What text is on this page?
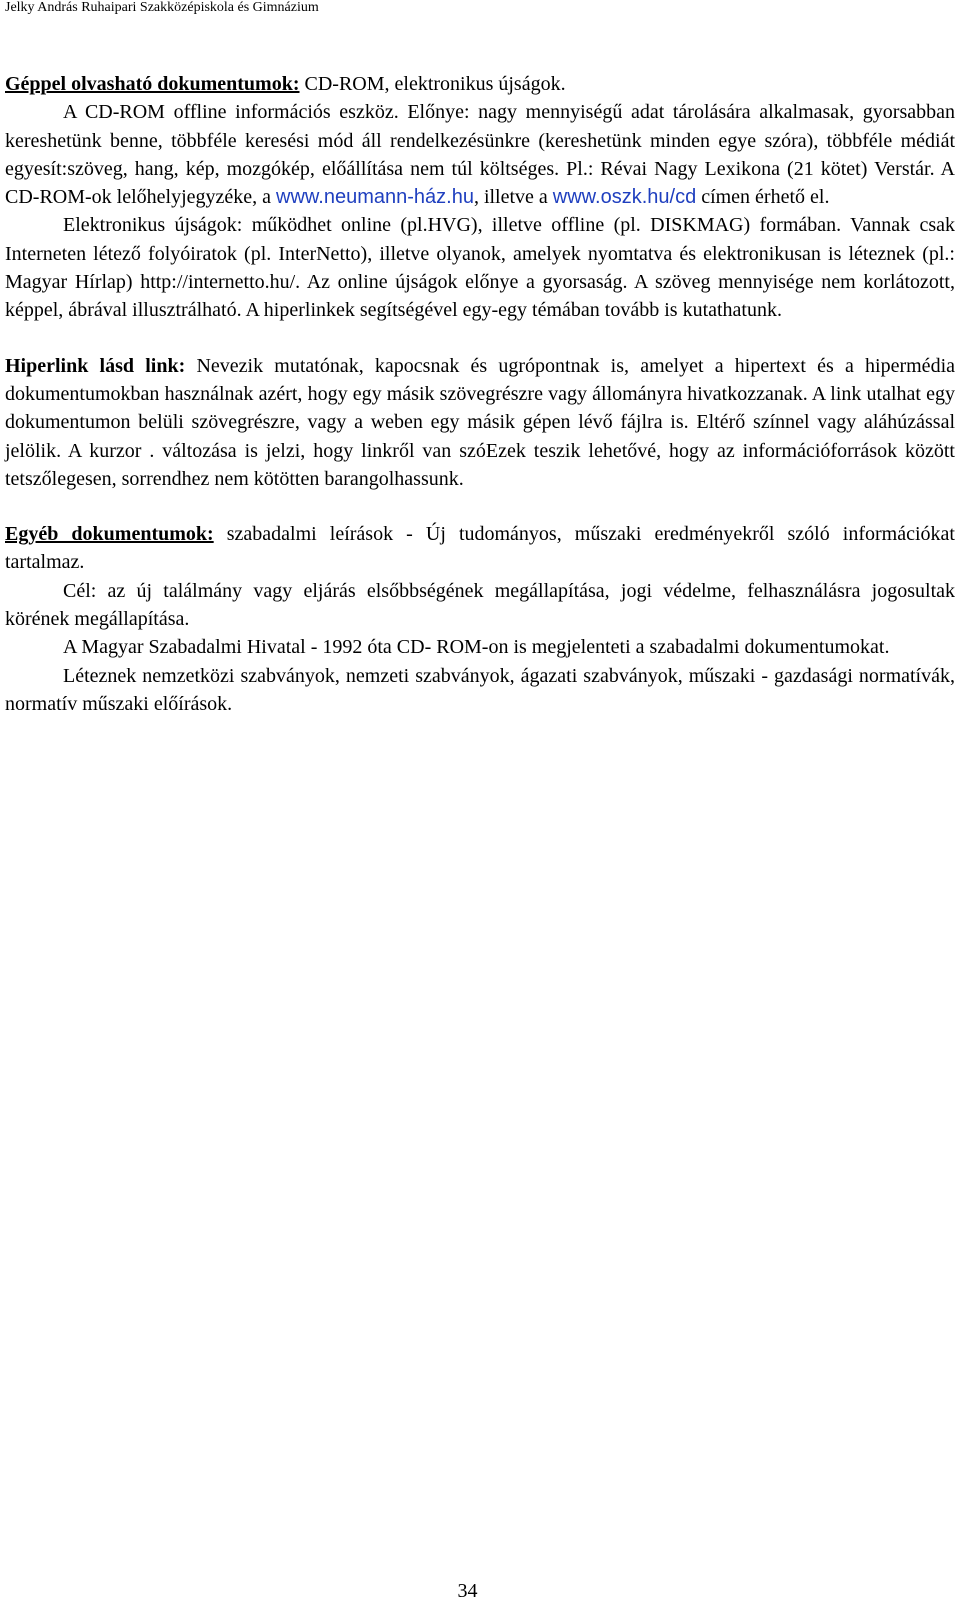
Jelky András Ruhaipari Szakközépiskola és Gimnázium

Géppel olvasható dokumentumok: CD-ROM, elektronikus újságok.

A CD-ROM offline információs eszköz. Előnye: nagy mennyiségű adat tárolására alkalmasak, gyorsabban kereshetünk benne, többféle keresési mód áll rendelkezésünkre (kereshetünk minden egye szóra), többféle médiát egyesít:szöveg, hang, kép, mozgókép, előállítása nem túl költséges. Pl.: Révai Nagy Lexikona (21 kötet) Verstár. A CD-ROM-ok lelőhelyjegyzéke, a www.neumann-ház.hu, illetve a www.oszk.hu/cd címen érhető el.

Elektronikus újságok: működhet online (pl.HVG), illetve offline (pl. DISKMAG) formában. Vannak csak Interneten létező folyóiratok (pl. InterNetto), illetve olyanok, amelyek nyomtatva és elektronikusan is léteznek (pl.: Magyar Hírlap) http://internetto.hu/. Az online újságok előnye a gyorsaság. A szöveg mennyisége nem korlátozott, képpel, ábrával illusztrálható. A hiperlinkek segítségével egy-egy témában tovább is kutathatunk.

Hiperlink lásd link: Nevezik mutatónak, kapocsnak és ugrópontnak is, amelyet a hipertext és a hipermédia dokumentumokban használnak azért, hogy egy másik szövegrészre vagy állományra hivatkozzanak. A link utalhat egy dokumentumon belüli szövegrészre, vagy a weben egy másik gépen lévő fájlra is. Eltérő színnel vagy aláhúzással jelölik. A kurzor . változása is jelzi, hogy linkről van szóEzek teszik lehetővé, hogy az információforrások között tetszőlegesen, sorrendhez nem kötötten barangolhassunk.

Egyéb dokumentumok: szabadalmi leírások - Új tudományos, műszaki eredményekről szóló információkat tartalmaz.

Cél: az új találmány vagy eljárás elsőbbségének megállapítása, jogi védelme, felhasználásra jogosultak körének megállapítása.

A Magyar Szabadalmi Hivatal - 1992 óta CD- ROM-on is megjelenteti a szabadalmi dokumentumokat.

Léteznek nemzetközi szabványok, nemzeti szabványok, ágazati szabványok, műszaki - gazdasági normatívák, normatív műszaki előírások.

34
